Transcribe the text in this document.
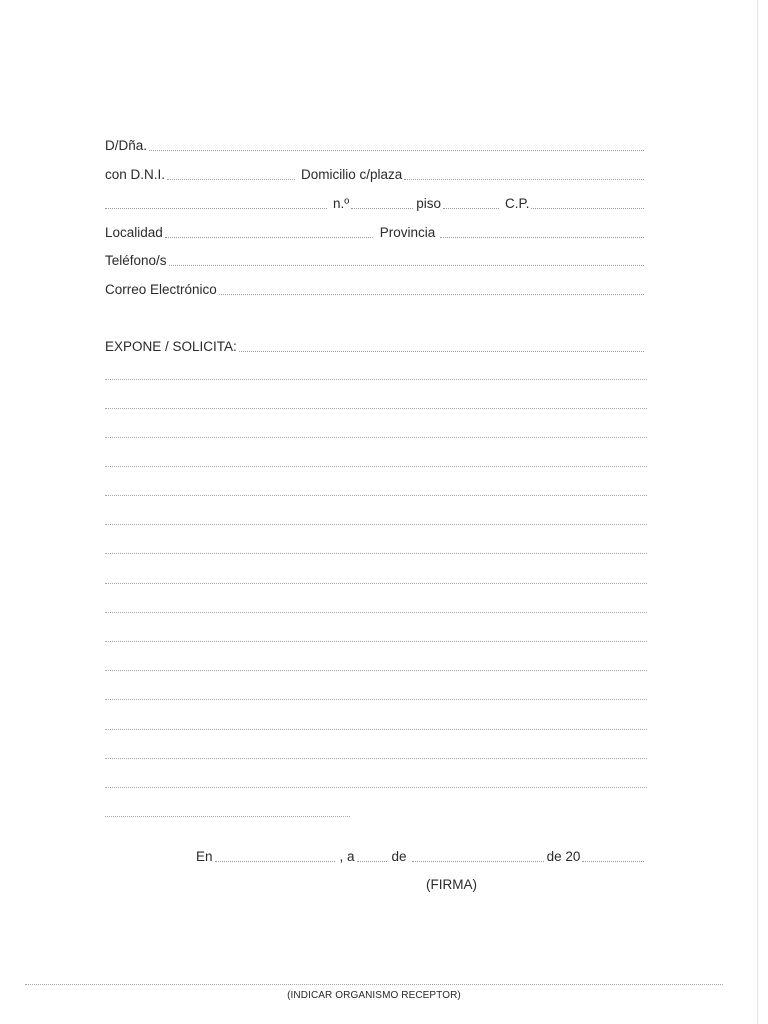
D/Dña.
con D.N.I.	Domicilio c/plaza
n.º	piso	C.P.
Localidad	Provincia
Teléfono/s
Correo Electrónico
EXPONE / SOLICITA:
En	, a	de	de 20
(FIRMA)
(INDICAR ORGANISMO RECEPTOR)
